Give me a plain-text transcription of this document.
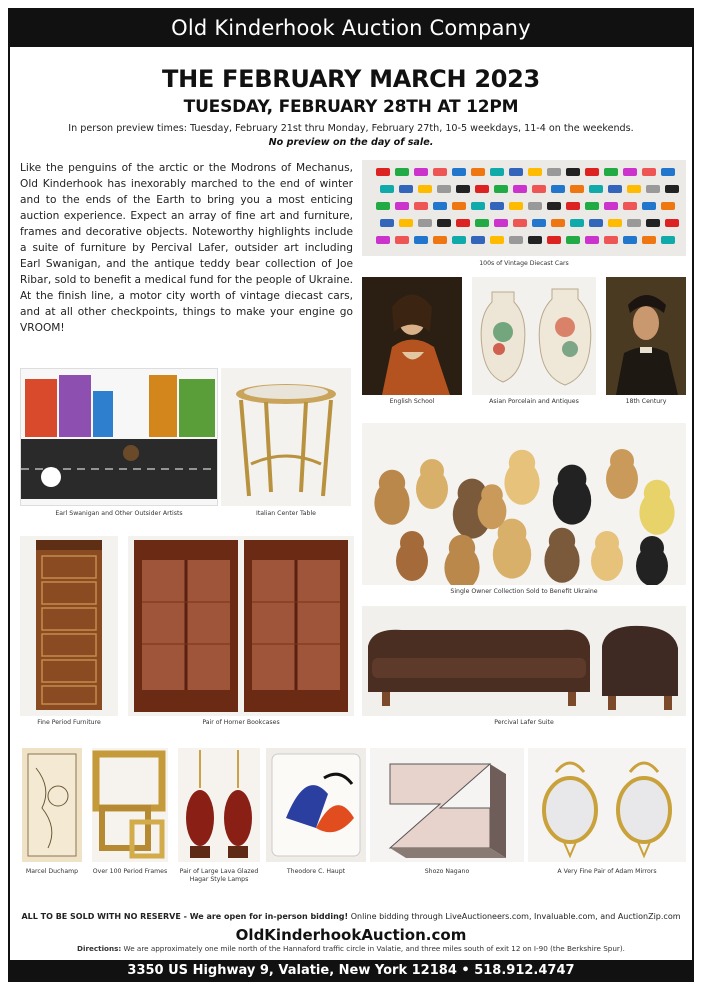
Old Kinderhook Auction Company
THE FEBRUARY MARCH 2023
TUESDAY, FEBRUARY 28TH AT 12PM
In person preview times: Tuesday, February 21st thru Monday, February 27th, 10-5 weekdays, 11-4 on the weekends.
No preview on the day of sale.

Like the penguins of the arctic or the Modrons of Mechanus, Old Kinderhook has inexorably marched to the end of winter and to the ends of the Earth to bring you a most enticing auction experience. Expect an array of fine art and furniture, frames and decorative objects. Noteworthy highlights include a suite of furniture by Percival Lafer, outsider art including Earl Swanigan, and the antique teddy bear collection of Joe Ribar, sold to benefit a medical fund for the people of Ukraine. At the finish line, a motor city worth of vintage diecast cars, and at all other checkpoints, things to make your engine go VROOM!

100s of Vintage Diecast Cars
English School	Asian Porcelain and Antiques	18th Century
Earl Swanigan and Other Outsider Artists	Italian Center Table
Single Owner Collection Sold to Benefit Ukraine
Fine Period Furniture	Pair of Horner Bookcases	Percival Lafer Suite
Marcel Duchamp	Over 100 Period Frames	Pair of Large Lava Glazed Hagar Style Lamps
Theodore C. Haupt	Shozo Nagano	A Very Fine Pair of Adam Mirrors
ALL TO BE SOLD WITH NO RESERVE - We are open for in-person bidding! Online bidding through LiveAuctioneers.com, Invaluable.com, and AuctionZip.com
OldKinderhookAuction.com
Directions: We are approximately one mile north of the Hannaford traffic circle in Valatie, and three miles south of exit 12 on I-90 (the Berkshire Spur).
3350 US Highway 9, Valatie, New York 12184 • 518.912.4747
